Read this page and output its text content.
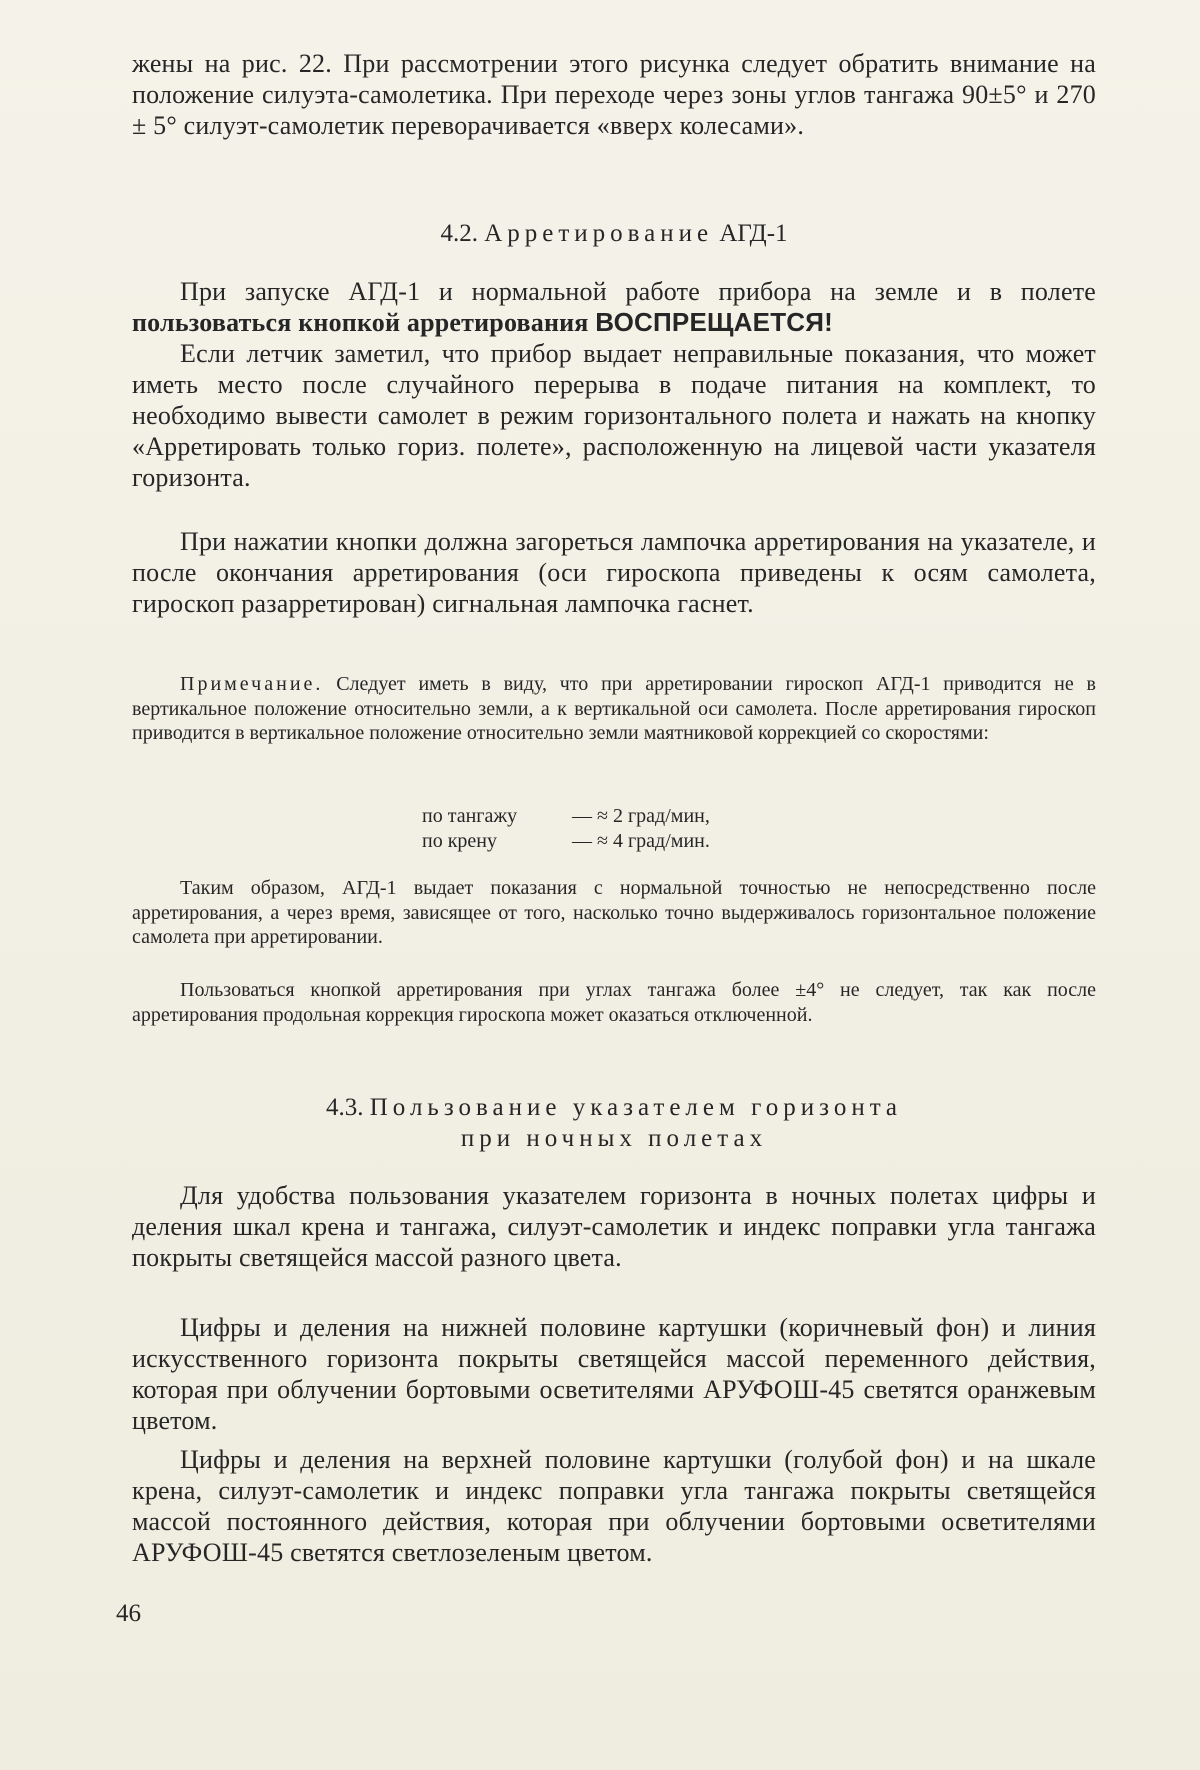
жены на рис. 22. При рассмотрении этого рисунка следует обратить внимание на положение силуэта-самолетика. При переходе через зоны углов тангажа 90±5° и 270 ± 5° силуэт-самолетик переворачивается «вверх колесами».

4.2. Арретирование АГД-1

При запуске АГД-1 и нормальной работе прибора на земле и в полете пользоваться кнопкой арретирования ВОСПРЕЩАЕТСЯ!

Если летчик заметил, что прибор выдает неправильные показания, что может иметь место после случайного перерыва в подаче питания на комплект, то необходимо вывести самолет в режим горизонтального полета и нажать на кнопку «Арретировать только гориз. полете», расположенную на лицевой части указателя горизонта.

При нажатии кнопки должна загореться лампочка арретирования на указателе, и после окончания арретирования (оси гироскопа приведены к осям самолета, гироскоп разарретирован) сигнальная лампочка гаснет.

Примечание. Следует иметь в виду, что при арретировании гироскоп АГД-1 приводится не в вертикальное положение относительно земли, а к вертикальной оси самолета. После арретирования гироскоп приводится в вертикальное положение относительно земли маятниковой коррекцией со скоростями:

по тангажу	— ≈ 2 град/мин,
по крену	— ≈ 4 град/мин.

Таким образом, АГД-1 выдает показания с нормальной точностью не непосредственно после арретирования, а через время, зависящее от того, насколько точно выдерживалось горизонтальное положение самолета при арретировании.

Пользоваться кнопкой арретирования при углах тангажа более ±4° не следует, так как после арретирования продольная коррекция гироскопа может оказаться отключенной.

4.3. Пользование указателем горизонта
при ночных полетах

Для удобства пользования указателем горизонта в ночных полетах цифры и деления шкал крена и тангажа, силуэт-самолетик и индекс поправки угла тангажа покрыты светящейся массой разного цвета.

Цифры и деления на нижней половине картушки (коричневый фон) и линия искусственного горизонта покрыты светящейся массой переменного действия, которая при облучении бортовыми осветителями АРУФОШ-45 светятся оранжевым цветом.

Цифры и деления на верхней половине картушки (голубой фон) и на шкале крена, силуэт-самолетик и индекс поправки угла тангажа покрыты светящейся массой постоянного действия, которая при облучении бортовыми осветителями АРУФОШ-45 светятся светлозеленым цветом.

46
